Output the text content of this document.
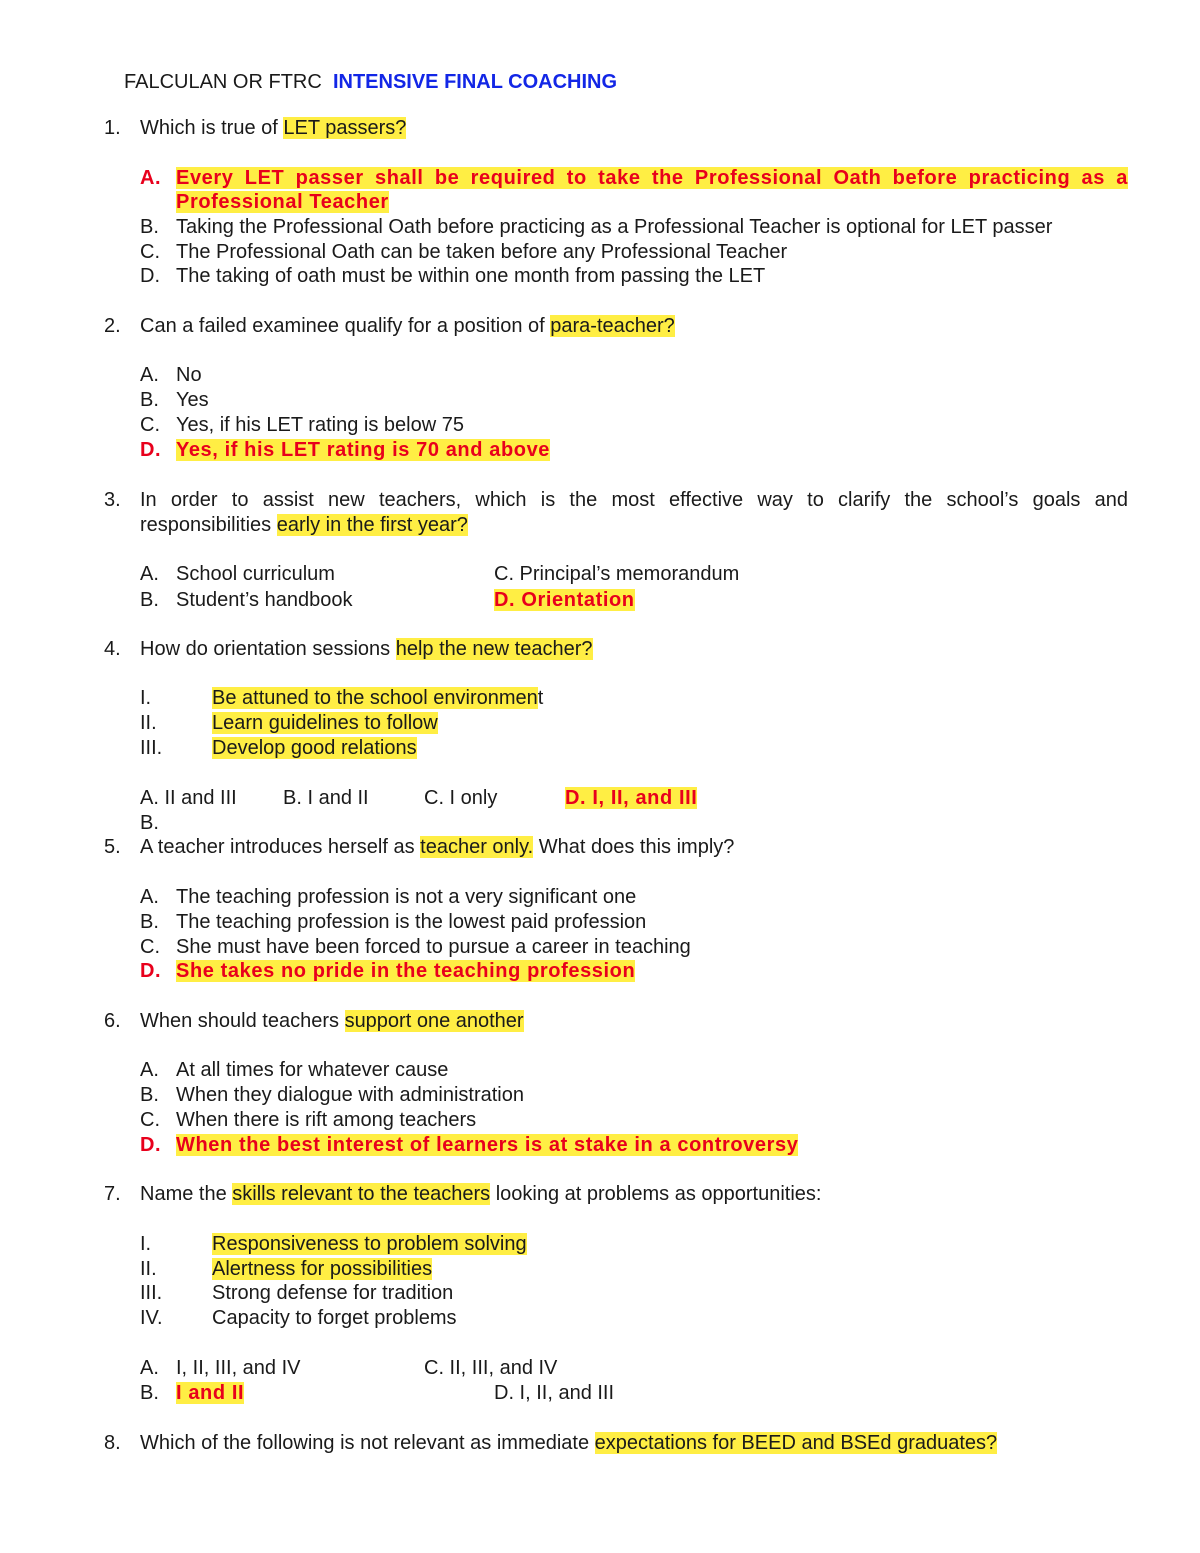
FALCULAN OR FTRC INTENSIVE FINAL COACHING
1. Which is true of LET passers?
A. Every LET passer shall be required to take the Professional Oath before practicing as a
Professional Teacher
B. Taking the Professional Oath before practicing as a Professional Teacher is optional for LET passer
C. The Professional Oath can be taken before any Professional Teacher
D. The taking of oath must be within one month from passing the LET
2. Can a failed examinee qualify for a position of para-teacher?
A. No
B. Yes
C. Yes, if his LET rating is below 75
D. Yes, if his LET rating is 70 and above
3. In order to assist new teachers, which is the most effective way to clarify the school’s goals and
responsibilities early in the first year?
A. School curriculum	C. Principal’s memorandum
B. Student’s handbook	D. Orientation
4. How do orientation sessions help the new teacher?
I.	Be attuned to the school environment
II.	Learn guidelines to follow
III. Develop good relations
A. II and III B. I and II	C. I only	D. I, II, and III
B.
5. A teacher introduces herself as teacher only. What does this imply?
A. The teaching profession is not a very significant one
B. The teaching profession is the lowest paid profession
C. She must have been forced to pursue a career in teaching
D. She takes no pride in the teaching profession
6. When should teachers support one another
A. At all times for whatever cause
B. When they dialogue with administration
C. When there is rift among teachers
D. When the best interest of learners is at stake in a controversy
7. Name the skills relevant to the teachers looking at problems as opportunities:
I.	Responsiveness to problem solving
II.	Alertness for possibilities
III. Strong defense for tradition
IV. Capacity to forget problems
A. I, II, III, and IV	C. II, III, and IV
B. I and II	D. I, II, and III
8. Which of the following is not relevant as immediate expectations for BEED and BSEd graduates?
